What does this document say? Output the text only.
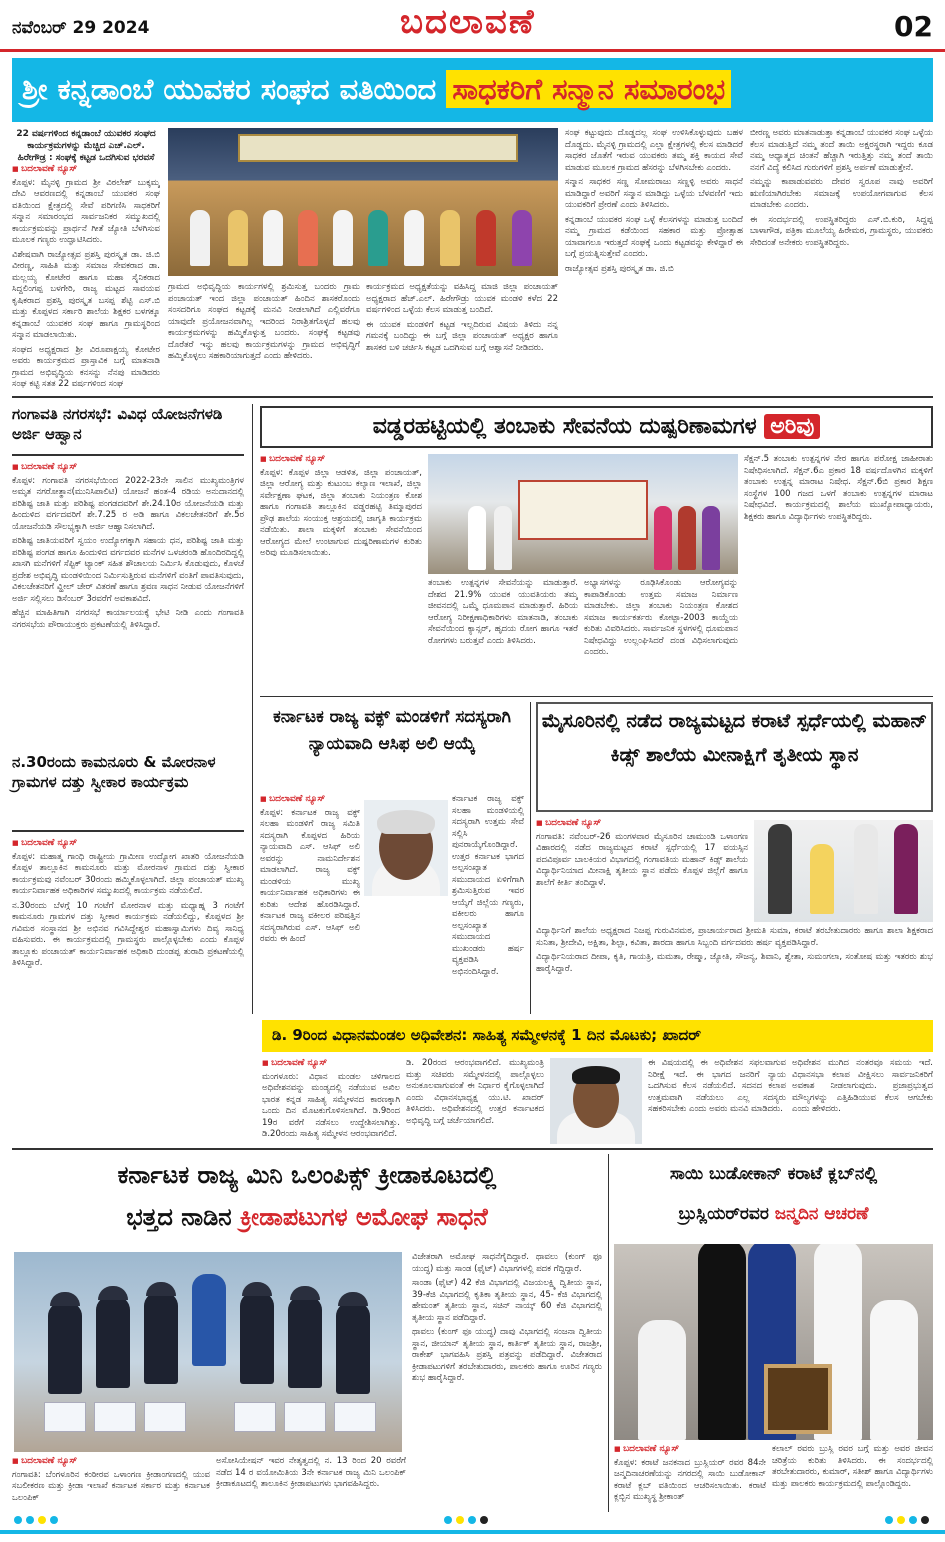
ನವೆಂಬರ್ 29 2024	ಬದಲಾವಣೆ	02
ಶ್ರೀ ಕನ್ನಡಾಂಬೆ ಯುವಕರ ಸಂಘದ ವತಿಯಿಂದ ಸಾಧಕರಿಗೆ ಸನ್ಮಾನ ಸಮಾರಂಭ
22 ವರ್ಷಗಳಿಂದ ಕನ್ನಡಾಂಬೆ ಯುವಕರ ಸಂಘದ ಕಾರ್ಯಕ್ರಮಗಳನ್ನು ಮೆಚ್ಚಿದ ಎಚ್.ಎಲ್. ಹಿರೇಗೌಡ್ರ : ಸಂಘಕ್ಕೆ ಕಟ್ಟಡ ಒದಗಿಸುವ ಭರವಸೆ
■ ಬದಲಾವಣೆ ನ್ಯೂಸ್

ಕೊಪ್ಪಳ: ಮೈನಳ್ಳಿ ಗ್ರಾಮದ ಶ್ರೀ ವಿಠಲೇಶ್ ಬುಕ್ಕಮ್ಮ ದೇವಿ ಆವರಣದಲ್ಲಿ ಕನ್ನಡಾಂಬೆ ಯುವಕರ ಸಂಘ ವತಿಯಿಂದ ಕ್ಷೇತ್ರದಲ್ಲಿ ಸೇವೆ ಪರಿಗಣಿಸಿ ಸಾಧಕರಿಗೆ ಸನ್ಮಾನ ಸಮಾರಂಭದ ಸಾರ್ವಜನಿಕರ ಸಮ್ಮುಖದಲ್ಲಿ ಕಾರ್ಯಕ್ರಮವನ್ನು ಪ್ರಾರ್ಥನೆ ಗೀತೆ ಜ್ಯೋತಿ ಬೆಳಗಿಸುವ ಮೂಲಕ ಗಣ್ಯರು ಉದ್ಘಾಟಿಸಿದರು.

ವಿಶೇಷವಾಗಿ ರಾಜ್ಯೋತ್ಸವ ಪ್ರಶಸ್ತಿ ಪುರಸ್ಕೃತ ಡಾ. ಜಿ.ಬಿ ವೀರಣ್ಣ, ಸಾಹಿತಿ ಮತ್ತು ಸಮಾಜ ಸೇವಕರಾದ ಡಾ. ಮಲ್ಲಯ್ಯ ಕೋಟೇರ ಹಾಗೂ ಮಹಾ ಸೈನಿಕರಾದ ಸಿದ್ದಲಿಂಗಪ್ಪ ಬಳಗೇರಿ, ರಾಜ್ಯ ಮಟ್ಟದ ಸಾವಯವ ಕೃಷಿಕರಾದ ಪ್ರಶಸ್ತಿ ಪುರಸ್ಕೃತ ಬಸಪ್ಪ ಶೆಟ್ಟಿ ಎಸ್.ಬಿ ಮತ್ತು ಕೊಪ್ಪಳದ ಸರ್ಕಾರಿ ಶಾಲೆಯ ಶಿಕ್ಷಕರ ಬಳಗಕ್ಕೂ ಕನ್ನಡಾಂಬೆ ಯುವಕರ ಸಂಘ ಹಾಗೂ ಗ್ರಾಮಸ್ಥರಿಂದ ಸನ್ಮಾನ ಮಾಡಲಾಯಿತು.

ಸಂಘದ ಅಧ್ಯಕ್ಷರಾದ ಶ್ರೀ ವಿರೂಪಾಕ್ಷಯ್ಯ ಕೋಟೇರ ಅವರು ಕಾರ್ಯಕ್ರಮದ ಪ್ರಾಸ್ತಾವಿಕ ಬಗ್ಗೆ ಮಾತನಾಡಿ ಗ್ರಾಮದ ಅಭಿವೃದ್ಧಿಯ ಕನಸನ್ನು ನೆನಪು ಮಾಡಿದರು ಸಂಘ ಕಟ್ಟಿ ಸತತ 22 ವರ್ಷಗಳಿಂದ ಸಂಘ

ಗ್ರಾಮದ ಅಭಿವೃದ್ಧಿಯ ಕಾರ್ಯಗಳಲ್ಲಿ ಶ್ರಮಿಸುತ್ತ ಬಂದರು ಗ್ರಾಮ ಪಂಚಾಯತ್ ಇಂದ ಜಿಲ್ಲಾ ಪಂಚಾಯತ್ ಹಿಂದಿನ ಶಾಸಕರೊಂದು ಸಂಸದರಿಗೂ ಸಂಘದ ಕಟ್ಟಡಕ್ಕೆ ಮನವಿ ನೀಡಲಾಗಿದೆ ಎಲ್ಲಿವರೆಗೂ ಯಾವುದೇ ಪ್ರಯೋಜನವಾಗಿಲ್ಲ ಇದರಿಂದ ನಿರಾಶ್ರಿತಗೊಳ್ಳದೆ ಹಲವು ಕಾರ್ಯಕ್ರಮಗಳನ್ನು ಹಮ್ಮಿಕೊಳ್ಳುತ್ತ ಬಂದರು. ಸಂಘಕ್ಕೆ ಕಟ್ಟಡವು ದೊರೆತರೆ ಇನ್ನು ಹಲವು ಕಾರ್ಯಕ್ರಮಗಳನ್ನು ಗ್ರಾಮದ ಅಭಿವೃದ್ಧಿಗೆ ಹಮ್ಮಿಕೊಳ್ಳಲು ಸಹಕಾರಿಯಾಗುತ್ತದೆ ಎಂದು ಹೇಳಿದರು.

ಕಾರ್ಯಕ್ರಮದ ಅಧ್ಯಕ್ಷತೆಯನ್ನು ವಹಿಸಿದ್ದ ಮಾಜಿ ಜಿಲ್ಲಾ ಪಂಚಾಯತ್ ಅಧ್ಯಕ್ಷರಾದ ಹೆಚ್.ಎಲ್. ಹಿರೇಗೌಡ್ರು ಯುವಕ ಮಂಡಳಿ ಕಳೆದ 22 ವರ್ಷಗಳಿಂದ ಒಳ್ಳೆಯ ಕೆಲಸ ಮಾಡುತ್ತ ಬಂದಿದೆ.

ಈ ಯುವಕ ಮಂಡಳಿಗೆ ಕಟ್ಟಡ ಇಲ್ಲದಿರುವ ವಿಷಯ ತಿಳಿದು ನನ್ನ ಗಮನಕ್ಕೆ ಬಂದಿದ್ದು ಈ ಬಗ್ಗೆ ಜಿಲ್ಲಾ ಪಂಚಾಯತ್ ಅಧ್ಯಕ್ಷರ ಹಾಗೂ ಶಾಸಕರ ಬಳಿ ಚರ್ಚಿಸಿ ಕಟ್ಟಡ ಒದಗಿಸುವ ಬಗ್ಗೆ ಆಶ್ವಾಸನೆ ನೀಡಿದರು.

ಸಂಘ ಕಟ್ಟುವುದು ದೊಡ್ಡದಲ್ಲ ಸಂಘ ಉಳಿಸಿಕೊಳ್ಳುವುದು ಬಹಳ ದೊಡ್ಡದು. ಮೈನಳ್ಳಿ ಗ್ರಾಮದಲ್ಲಿ ಎಲ್ಲಾ ಕ್ಷೇತ್ರಗಳಲ್ಲಿ ಕೆಲಸ ಮಾಡಿದರೆ ಸಾಧಕರ ಜೊತೆಗೆ ಇರುವ ಯುವಕರು ತಮ್ಮ ಶಕ್ತಿ ಕಾಯದ ಸೇವೆ ಮಾಡುವ ಮೂಲಕ ಗ್ರಾಮದ ಹೆಸರನ್ನು ಬೆಳಗಿಸಬೇಕು ಎಂದರು.

ಸನ್ಮಾನ ಸಾಧಕರ ಸಣ್ಣ ಸೋಮರಾಜು ಸಣ್ಣಳ್ಳಿ ಅವರು ಸಾಧನೆ ಮಾಡಿದ್ದಾರೆ ಅವರಿಗೆ ಸನ್ಮಾನ ಮಾಡಿದ್ದು ಒಳ್ಳೆಯ ಬೆಳವಣಿಗೆ ಇದು ಯುವಕರಿಗೆ ಪ್ರೇರಣೆ ಎಂದು ತಿಳಿಸಿದರು.

ಕನ್ನಡಾಂಬೆ ಯುವಕರ ಸಂಘ ಒಳ್ಳೆ ಕೆಲಸಗಳನ್ನು ಮಾಡುತ್ತ ಬಂದಿದೆ ನಮ್ಮ ಗ್ರಾಮದ ಕಡೆಯಿಂದ ಸಹಕಾರ ಮತ್ತು ಪ್ರೋತ್ಸಾಹ ಯಾವಾಗಲೂ ಇರುತ್ತದೆ ಸಂಘಕ್ಕೆ ಒಂದು ಕಟ್ಟಡವನ್ನು ಕೇಳಿದ್ದಾರೆ ಈ ಬಗ್ಗೆ ಪ್ರಯತ್ನಿಸುತ್ತೇವೆ ಎಂದರು.

ರಾಜ್ಯೋತ್ಸವ ಪ್ರಶಸ್ತಿ ಪುರಸ್ಕೃತ ಡಾ. ಜಿ.ಬಿ

ಬೀರಣ್ಣ ಅವರು ಮಾತನಾಡುತ್ತಾ ಕನ್ನಡಾಂಬೆ ಯುವಕರ ಸಂಘ ಒಳ್ಳೆಯ ಕೆಲಸ ಮಾಡುತ್ತಿದೆ ನಮ್ಮ ತಂದೆ ತಾಯಿ ಅಕ್ಷರಸ್ಥರಾಗಿ ಇದ್ದರು ಕೂಡ ನಮ್ಮ ಆಧ್ಯಾತ್ಮದ ಚಿಂತನೆ ಹೆಚ್ಚಾಗಿ ಇರುತ್ತಿತ್ತು ನಮ್ಮ ತಂದೆ ತಾಯಿ ನನಗೆ ವಿದ್ಯೆ ಕಲಿಸಿದ ಗುರುಗಳಿಗೆ ಪ್ರಶಸ್ತಿ ಅರ್ಪಣೆ ಮಾಡುತ್ತೇನೆ.

ನಮ್ಮನ್ನು ಕಾಪಾಡುವವರು ದೇವರ ಸ್ವರೂಪ ನಾವು ಅವರಿಗೆ ಋಣಿಯಾಗಿರಬೇಕು ಸಮಾಜಕ್ಕೆ ಉಪಯೋಗವಾಗುವ ಕೆಲಸ ಮಾಡಬೇಕು ಎಂದರು.

ಈ ಸಂದರ್ಭದಲ್ಲಿ ಉಪಸ್ಥಿತರಿದ್ದರು ಎಸ್.ಬಿ.ಕುರಿ, ಸಿದ್ದಪ್ಪ ಬಾಳಾಗೌಡ, ಪತ್ರಿಕಾ ಮೂಲೆಯ್ಯ ಹಿರೇಮಠ, ಗ್ರಾಮಸ್ಥರು, ಯುವಕರು ಸೇರಿದಂತೆ ಅನೇಕರು ಉಪಸ್ಥಿತರಿದ್ದರು.

ಗಂಗಾವತಿ ನಗರಸಭೆ: ವಿವಿಧ ಯೋಜನೆಗಳಡಿ ಅರ್ಜಿ ಆಹ್ವಾನ
■ ಬದಲಾವಣೆ ನ್ಯೂಸ್

ಕೊಪ್ಪಳ: ಗಂಗಾವತಿ ನಗರಸಭೆಯಿಂದ 2022-23ನೇ ಸಾಲಿನ ಮುಖ್ಯಮಂತ್ರಿಗಳ ಅಮೃತ ನಗರೋತ್ಥಾನ(ಮುನಿಸಿಪಾಲಿಟಿ) ಯೋಜನೆ ಹಂತ-4 ರಡಿಯ ಅನುದಾನದಲ್ಲಿ ಪರಿಶಿಷ್ಟ ಜಾತಿ ಮತ್ತು ಪರಿಶಿಷ್ಟ ಪಂಗಡದವರಿಗೆ ಶೇ.24.10ರ ಯೋಜನೆಯಡಿ ಮತ್ತು ಹಿಂದುಳಿದ ವರ್ಗದವರಿಗೆ ಶೇ.7.25 ರ ಅಡಿ ಹಾಗೂ ವಿಕಲಚೇತನರಿಗೆ ಶೇ.5ರ ಯೋಜನೆಯಡಿ ಸೌಲಭ್ಯಕ್ಕಾಗಿ ಅರ್ಜಿ ಆಹ್ವಾನಿಸಲಾಗಿದೆ.

ಪರಿಶಿಷ್ಟ ಜಾತಿಯವರಿಗೆ ಸ್ವಯಂ ಉದ್ಯೋಗಕ್ಕಾಗಿ ಸಹಾಯ ಧನ, ಪರಿಶಿಷ್ಟ ಜಾತಿ ಮತ್ತು ಪರಿಶಿಷ್ಟ ಪಂಗಡ ಹಾಗೂ ಹಿಂದುಳಿದ ವರ್ಗದವರ ಮನೆಗಳ ಒಳಚರಂಡಿ ಹೊಂದಿರದಿದ್ದಲ್ಲಿ ಖಾಸಗಿ ಮನೆಗಳಿಗೆ ಸೆಪ್ಟಿಕ್ ಟ್ಯಾಂಕ್ ಸಹಿತ ಶೌಚಾಲಯ ನಿರ್ಮಿಸಿ ಕೊಡುವುದು, ಕೊಳಚೆ ಪ್ರದೇಶ ಅಭಿವೃದ್ಧಿ ಮಂಡಳಿಯಿಂದ ನಿರ್ಮಿಸುತ್ತಿರುವ ಮನೆಗಳಿಗೆ ವಂತಿಗೆ ಪಾವತಿಸುವುದು, ವಿಕಲಚೇತನರಿಗೆ ವ್ಹೀಲ್ ಚೇರ್ ವಿತರಣೆ ಹಾಗೂ ಶ್ರವಣ ಸಾಧನ ನೀಡುವ ಯೋಜನೆಗಳಿಗೆ ಅರ್ಜಿ ಸಲ್ಲಿಸಲು ಡಿಸೆಂಬರ್ 3ರವರೆಗೆ ಅವಕಾಶವಿದೆ.

ಹೆಚ್ಚಿನ ಮಾಹಿತಿಗಾಗಿ ನಗರಸಭೆ ಕಾರ್ಯಾಲಯಕ್ಕೆ ಭೇಟಿ ನೀಡಿ ಎಂದು ಗಂಗಾವತಿ ನಗರಸಭೆಯ ಪೌರಾಯುಕ್ತರು ಪ್ರಕಟಣೆಯಲ್ಲಿ ತಿಳಿಸಿದ್ದಾರೆ.

ವಡ್ಡರಹಟ್ಟಿಯಲ್ಲಿ ತಂಬಾಕು ಸೇವನೆಯ ದುಷ್ಪರಿಣಾಮಗಳ ಅರಿವು
■ ಬದಲಾವಣೆ ನ್ಯೂಸ್

ಕೊಪ್ಪಳ: ಕೊಪ್ಪಳ ಜಿಲ್ಲಾ ಆಡಳಿತ, ಜಿಲ್ಲಾ ಪಂಚಾಯತ್, ಜಿಲ್ಲಾ ಆರೋಗ್ಯ ಮತ್ತು ಕುಟುಂಬ ಕಲ್ಯಾಣ ಇಲಾಖೆ, ಜಿಲ್ಲಾ ಸರ್ವೇಕ್ಷಣಾ ಘಟಕ, ಜಿಲ್ಲಾ ತಂಬಾಕು ನಿಯಂತ್ರಣ ಕೋಶ ಹಾಗೂ ಗಂಗಾವತಿ ತಾಲ್ಲೂಕಿನ ವಡ್ಡರಹಟ್ಟಿ ತಿಮ್ಮಾಪುರದ ಪ್ರೌಢ ಶಾಲೆಯ ಸಂಯುಕ್ತ ಆಶ್ರಯದಲ್ಲಿ ಜಾಗೃತಿ ಕಾರ್ಯಕ್ರಮ ನಡೆಯಿತು. ಶಾಲಾ ಮಕ್ಕಳಿಗೆ ತಂಬಾಕು ಸೇವನೆಯಿಂದ ಆರೋಗ್ಯದ ಮೇಲೆ ಉಂಟಾಗುವ ದುಷ್ಪರಿಣಾಮಗಳ ಕುರಿತು ಅರಿವು ಮೂಡಿಸಲಾಯಿತು.

ತಂಬಾಕು ಉತ್ಪನ್ನಗಳ ಸೇವನೆಯನ್ನು ಮಾಡುತ್ತಾರೆ. ದೇಶದ 21.9% ಯುವಕ ಯುವತಿಯರು ತಮ್ಮ ಜೀವನದಲ್ಲಿ ಒಮ್ಮೆ ಧೂಮಪಾನ ಮಾಡುತ್ತಾರೆ. ಹಿರಿಯ ಆರೋಗ್ಯ ನಿರೀಕ್ಷಣಾಧಿಕಾರಿಗಳು ಮಾತನಾಡಿ, ತಂಬಾಕು ಸೇವನೆಯಿಂದ ಕ್ಯಾನ್ಸರ್, ಹೃದಯ ರೋಗ ಹಾಗೂ ಇತರೆ ರೋಗಗಳು ಬರುತ್ತವೆ ಎಂದು ತಿಳಿಸಿದರು.

ಅಭ್ಯಾಸಗಳನ್ನು ರೂಢಿಸಿಕೊಂಡು ಆರೋಗ್ಯವನ್ನು ಕಾಪಾಡಿಕೊಂಡು ಉತ್ತಮ ಸಮಾಜ ನಿರ್ಮಾಣ ಮಾಡಬೇಕು. ಜಿಲ್ಲಾ ತಂಬಾಕು ನಿಯಂತ್ರಣ ಕೋಶದ ಸಮಾಜ ಕಾರ್ಯಕರ್ತರು ಕೋಟ್ಪಾ-2003 ಕಾಯ್ದೆಯ ಕುರಿತು ವಿವರಿಸಿದರು. ಸಾರ್ವಜನಿಕ ಸ್ಥಳಗಳಲ್ಲಿ ಧೂಮಪಾನ ನಿಷೇಧವಿದ್ದು ಉಲ್ಲಂಘಿಸಿದರೆ ದಂಡ ವಿಧಿಸಲಾಗುವುದು ಎಂದರು.

ಸೆಕ್ಷನ್.5 ತಂಬಾಕು ಉತ್ಪನ್ನಗಳ ನೇರ ಹಾಗೂ ಪರೋಕ್ಷ ಜಾಹೀರಾತು ನಿಷೇಧಿಸಲಾಗಿದೆ. ಸೆಕ್ಷನ್.6ಎ ಪ್ರಕಾರ 18 ವರ್ಷದೊಳಗಿನ ಮಕ್ಕಳಿಗೆ ತಂಬಾಕು ಉತ್ಪನ್ನ ಮಾರಾಟ ನಿಷೇಧ. ಸೆಕ್ಷನ್.6ಬಿ ಪ್ರಕಾರ ಶಿಕ್ಷಣ ಸಂಸ್ಥೆಗಳ 100 ಗಜದ ಒಳಗೆ ತಂಬಾಕು ಉತ್ಪನ್ನಗಳ ಮಾರಾಟ ನಿಷೇಧವಿದೆ. ಕಾರ್ಯಕ್ರಮದಲ್ಲಿ ಶಾಲೆಯ ಮುಖ್ಯೋಪಾಧ್ಯಾಯರು, ಶಿಕ್ಷಕರು ಹಾಗೂ ವಿದ್ಯಾರ್ಥಿಗಳು ಉಪಸ್ಥಿತರಿದ್ದರು.

ಕರ್ನಾಟಕ ರಾಜ್ಯ ವಕ್ಫ್ ಮಂಡಳಿಗೆ ಸದಸ್ಯರಾಗಿ ನ್ಯಾಯವಾದಿ ಆಸಿಫ ಅಲಿ ಆಯ್ಕೆ
■ ಬದಲಾವಣೆ ನ್ಯೂಸ್

ಕೊಪ್ಪಳ: ಕರ್ನಾಟಕ ರಾಜ್ಯ ವಕ್ಫ್ ಸಲಹಾ ಮಂಡಳಿಗೆ ರಾಜ್ಯ ಸಮಿತಿ ಸದಸ್ಯರಾಗಿ ಕೊಪ್ಪಳದ ಹಿರಿಯ ನ್ಯಾಯವಾದಿ ಎಸ್. ಆಸಿಫ್ ಅಲಿ ಅವರನ್ನು ನಾಮನಿರ್ದೇಶನ ಮಾಡಲಾಗಿದೆ. ರಾಜ್ಯ ವಕ್ಫ್ ಮಂಡಳಿಯ ಮುಖ್ಯ ಕಾರ್ಯನಿರ್ವಾಹಕ ಅಧಿಕಾರಿಗಳು ಈ ಕುರಿತು ಆದೇಶ ಹೊರಡಿಸಿದ್ದಾರೆ. ಕರ್ನಾಟಕ ರಾಜ್ಯ ವಕೀಲರ ಪರಿಷತ್ತಿನ ಸದಸ್ಯರಾಗಿರುವ ಎಸ್. ಆಸಿಫ್ ಅಲಿ ರವರು ಈ ಹಿಂದೆ

ಕರ್ನಾಟಕ ರಾಜ್ಯ ವಕ್ಫ್ ಸಲಹಾ ಮಂಡಳಿಯಲ್ಲಿ ಸದಸ್ಯರಾಗಿ ಉತ್ತಮ ಸೇವೆ ಸಲ್ಲಿಸಿ ಪುನರಾಯ್ಕೆಗೊಂಡಿದ್ದಾರೆ. ಉತ್ತರ ಕರ್ನಾಟಕ ಭಾಗದ ಅಲ್ಪಸಂಖ್ಯಾತ ಸಮುದಾಯದ ಏಳಿಗೆಗಾಗಿ ಶ್ರಮಿಸುತ್ತಿರುವ ಇವರ ಆಯ್ಕೆಗೆ ಜಿಲ್ಲೆಯ ಗಣ್ಯರು, ವಕೀಲರು ಹಾಗೂ ಅಲ್ಪಸಂಖ್ಯಾತ ಸಮುದಾಯದ ಮುಖಂಡರು ಹರ್ಷ ವ್ಯಕ್ತಪಡಿಸಿ ಅಭಿನಂದಿಸಿದ್ದಾರೆ.

ಮೈಸೂರಿನಲ್ಲಿ ನಡೆದ ರಾಜ್ಯಮಟ್ಟದ ಕರಾಟೆ ಸ್ಪರ್ಧೆಯಲ್ಲಿ ಮಹಾನ್ ಕಿಡ್ಸ್ ಶಾಲೆಯ ಮೀನಾಕ್ಷಿಗೆ ತೃತೀಯ ಸ್ಥಾನ
■ ಬದಲಾವಣೆ ನ್ಯೂಸ್

ಗಂಗಾವತಿ: ನವೆಂಬರ್-26 ಮಂಗಳವಾರ ಮೈಸೂರಿನ ಚಾಮುಂಡಿ ಒಳಾಂಗಣ ವಿಹಾರದಲ್ಲಿ ನಡೆದ ರಾಜ್ಯಮಟ್ಟದ ಕರಾಟೆ ಸ್ಪರ್ಧೆಯಲ್ಲಿ 17 ವಯಸ್ಸಿನ ಪದವಿಪೂರ್ವ ಬಾಲಕಿಯರ ವಿಭಾಗದಲ್ಲಿ ಗಂಗಾವತಿಯ ಮಹಾನ್ ಕಿಡ್ಸ್ ಶಾಲೆಯ ವಿದ್ಯಾರ್ಥಿನಿಯಾದ ಮೀನಾಕ್ಷಿ ತೃತೀಯ ಸ್ಥಾನ ಪಡೆದು ಕೊಪ್ಪಳ ಜಿಲ್ಲೆಗೆ ಹಾಗೂ ಶಾಲೆಗೆ ಕೀರ್ತಿ ತಂದಿದ್ದಾಳೆ.

ವಿದ್ಯಾರ್ಥಿನಿಗೆ ಶಾಲೆಯ ಅಧ್ಯಕ್ಷರಾದ ನಿಜಪ್ಪ ಗುರುವಿನಮಠ, ಪ್ರಾಚಾರ್ಯರಾದ ಶ್ರೀಮತಿ ಸುಮಾ, ಕರಾಟೆ ತರಬೇತುದಾರರು ಹಾಗೂ ಶಾಲಾ ಶಿಕ್ಷಕರಾದ ಸುನಿತಾ, ಶ್ರೀದೇವಿ, ಅಕ್ಷಿತಾ, ಶಿಲ್ಪಾ, ಕವಿತಾ, ಶಾರದಾ ಹಾಗೂ ಸಿಬ್ಬಂದಿ ವರ್ಗದವರು ಹರ್ಷ ವ್ಯಕ್ತಪಡಿಸಿದ್ದಾರೆ.

ವಿದ್ಯಾರ್ಥಿನಿಯರಾದ ದೀಪಾ, ಕೃತಿ, ಗಾಯತ್ರಿ, ಮಮತಾ, ರೇಷ್ಮಾ, ಜ್ಯೋತಿ, ಸೌಜನ್ಯ, ಶಿವಾನಿ, ಶ್ವೇತಾ, ಸುಮಂಗಲಾ, ಸಂತೋಷ ಮತ್ತು ಇತರರು ಶುಭ ಹಾರೈಸಿದ್ದಾರೆ.

ನ.30ರಂದು ಕಾಮನೂರು & ಮೋರನಾಳ ಗ್ರಾಮಗಳ ದತ್ತು ಸ್ವೀಕಾರ ಕಾರ್ಯಕ್ರಮ
■ ಬದಲಾವಣೆ ನ್ಯೂಸ್

ಕೊಪ್ಪಳ: ಮಹಾತ್ಮ ಗಾಂಧಿ ರಾಷ್ಟ್ರೀಯ ಗ್ರಾಮೀಣ ಉದ್ಯೋಗ ಖಾತರಿ ಯೋಜನೆಯಡಿ ಕೊಪ್ಪಳ ತಾಲ್ಲೂಕಿನ ಕಾಮನೂರು ಮತ್ತು ಮೋರನಾಳ ಗ್ರಾಮದ ದತ್ತು ಸ್ವೀಕಾರ ಕಾರ್ಯಕ್ರಮವು ನವೆಂಬರ್ 30ರಂದು ಹಮ್ಮಿಕೊಳ್ಳಲಾಗಿದೆ. ಜಿಲ್ಲಾ ಪಂಚಾಯತ್ ಮುಖ್ಯ ಕಾರ್ಯನಿರ್ವಾಹಕ ಅಧಿಕಾರಿಗಳ ಸಮ್ಮುಖದಲ್ಲಿ ಕಾರ್ಯಕ್ರಮ ನಡೆಯಲಿದೆ.

ನ.30ರಂದು ಬೆಳಗ್ಗೆ 10 ಗಂಟೆಗೆ ಮೋರನಾಳ ಮತ್ತು ಮಧ್ಯಾಹ್ನ 3 ಗಂಟೆಗೆ ಕಾಮನೂರು ಗ್ರಾಮಗಳ ದತ್ತು ಸ್ವೀಕಾರ ಕಾರ್ಯಕ್ರಮ ನಡೆಯಲಿದ್ದು, ಕೊಪ್ಪಳದ ಶ್ರೀ ಗವಿಮಠ ಸಂಸ್ಥಾನದ ಶ್ರೀ ಅಭಿನವ ಗವಿಸಿದ್ದೇಶ್ವರ ಮಹಾಸ್ವಾಮಿಗಳು ದಿವ್ಯ ಸಾನಿಧ್ಯ ವಹಿಸುವರು. ಈ ಕಾರ್ಯಕ್ರಮದಲ್ಲಿ ಗ್ರಾಮಸ್ಥರು ಪಾಲ್ಗೊಳ್ಳಬೇಕು ಎಂದು ಕೊಪ್ಪಳ ತಾಲ್ಲೂಕು ಪಂಚಾಯತ್ ಕಾರ್ಯನಿರ್ವಾಹಕ ಅಧಿಕಾರಿ ದುಂಡಪ್ಪ ತುರಾದಿ ಪ್ರಕಟಣೆಯಲ್ಲಿ ತಿಳಿಸಿದ್ದಾರೆ.

ಡಿ. 9ರಿಂದ ವಿಧಾನಮಂಡಲ ಅಧಿವೇಶನ: ಸಾಹಿತ್ಯ ಸಮ್ಮೇಳನಕ್ಕೆ 1 ದಿನ ಮೊಟಕು; ಖಾದರ್
■ ಬದಲಾವಣೆ ನ್ಯೂಸ್

ಮಂಗಳೂರು: ವಿಧಾನ ಮಂಡಲ ಚಳಿಗಾಲದ ಅಧಿವೇಶನವನ್ನು ಮಂಡ್ಯದಲ್ಲಿ ನಡೆಯುವ ಅಖಿಲ ಭಾರತ ಕನ್ನಡ ಸಾಹಿತ್ಯ ಸಮ್ಮೇಳನದ ಕಾರಣಕ್ಕಾಗಿ ಒಂದು ದಿನ ಮೊಟಕುಗೊಳಿಸಲಾಗಿದೆ. ಡಿ.9ರಿಂದ 19ರ ವರೆಗೆ ನಡೆಸಲು ಉದ್ದೇಶಿಸಲಾಗಿತ್ತು. ಡಿ.20ರಂದು ಸಾಹಿತ್ಯ ಸಮ್ಮೇಳನ ಆರಂಭವಾಗಲಿದೆ.

ಡಿ. 20ರಂದ ಆರಂಭವಾಗಲಿದೆ. ಮುಖ್ಯಮಂತ್ರಿ ಮತ್ತು ಸಚಿವರು ಸಮ್ಮೇಳನದಲ್ಲಿ ಪಾಲ್ಗೊಳ್ಳಲು ಅನುಕೂಲವಾಗುವಂತೆ ಈ ನಿರ್ಧಾರ ಕೈಗೊಳ್ಳಲಾಗಿದೆ ಎಂದು ವಿಧಾನಸಭಾಧ್ಯಕ್ಷ ಯು.ಟಿ. ಖಾದರ್ ತಿಳಿಸಿದರು. ಅಧಿವೇಶನದಲ್ಲಿ ಉತ್ತರ ಕರ್ನಾಟಕದ ಅಭಿವೃದ್ಧಿ ಬಗ್ಗೆ ಚರ್ಚೆಯಾಗಲಿದೆ.

ಈ ವಿಷಯದಲ್ಲಿ ಈ ಅಧಿವೇಶನ ಸಫಲವಾಗುವ ನಿರೀಕ್ಷೆ ಇದೆ. ಈ ಭಾಗದ ಜನರಿಗೆ ನ್ಯಾಯ ಒದಗಿಸುವ ಕೆಲಸ ನಡೆಯಲಿದೆ. ಸದನದ ಕಲಾಪ ಉತ್ತಮವಾಗಿ ನಡೆಯಲು ಎಲ್ಲ ಸದಸ್ಯರು ಸಹಕರಿಸಬೇಕು ಎಂದು ಅವರು ಮನವಿ ಮಾಡಿದರು.

ಅಧಿವೇಶನ ಮುಗಿದ ನಂತರವೂ ಸಮಯ ಇದೆ. ವಿಧಾನಸಭಾ ಕಲಾಪ ವೀಕ್ಷಿಸಲು ಸಾರ್ವಜನಿಕರಿಗೆ ಅವಕಾಶ ನೀಡಲಾಗುವುದು. ಪ್ರಜಾಪ್ರಭುತ್ವದ ಮೌಲ್ಯಗಳನ್ನು ಎತ್ತಿಹಿಡಿಯುವ ಕೆಲಸ ಆಗಬೇಕು ಎಂದು ಹೇಳಿದರು.

ಕರ್ನಾಟಕ ರಾಜ್ಯ ಮಿನಿ ಒಲಂಪಿಕ್ಸ್ ಕ್ರೀಡಾಕೂಟದಲ್ಲಿ
ಭತ್ತದ ನಾಡಿನ ಕ್ರೀಡಾಪಟುಗಳ ಅಮೋಘ ಸಾಧನೆ
■ ಬದಲಾವಣೆ ನ್ಯೂಸ್

ಗಂಗಾವತಿ: ಬೆಂಗಳೂರಿನ ಕಂಠೀರವ ಒಳಾಂಗಣ ಕ್ರೀಡಾಂಗಣದಲ್ಲಿ ಯುವ ಸಬಲೀಕರಣ ಮತ್ತು ಕ್ರೀಡಾ ಇಲಾಖೆ ಕರ್ನಾಟಕ ಸರ್ಕಾರ ಮತ್ತು ಕರ್ನಾಟಕ ಒಲಂಪಿಕ್

ಅಸೋಸಿಯೇಷನ್ ಇವರ ನೇತೃತ್ವದಲ್ಲಿ ನ. 13 ರಿಂದ 20 ರವರೆಗೆ ನಡೆದ 14 ರ ವಯೋಮಿತಿಯ 3ನೇ ಕರ್ನಾಟಕ ರಾಜ್ಯ ಮಿನಿ ಒಲಂಪಿಕ್ ಕ್ರೀಡಾಕೂಟದಲ್ಲಿ ತಾಲೂಕಿನ ಕ್ರೀಡಾಪಟುಗಳು ಭಾಗವಹಿಸಿದ್ದರು.

ವಿಜೇತರಾಗಿ ಅಮೋಘ ಸಾಧನೆಗೈದಿದ್ದಾರೆ. ಥಾವಲು (ಕುಂಗ್ ಫೂ ಯುದ್ಧ) ಮತ್ತು ಸಾಂಡ (ಫೈಟ್) ವಿಭಾಗಗಳಲ್ಲಿ ಪದಕ ಗೆದ್ದಿದ್ದಾರೆ.

ಸಾಂಡಾ (ಫೈಟ್) 42 ಕೆಜಿ ವಿಭಾಗದಲ್ಲಿ ವಿಜಯಲಕ್ಷ್ಮಿ ದ್ವಿತೀಯ ಸ್ಥಾನ, 39-ಕೆಜಿ ವಿಭಾಗದಲ್ಲಿ ಕೃತಿಕಾ ತೃತೀಯ ಸ್ಥಾನ, 45- ಕೆಜಿ ವಿಭಾಗದಲ್ಲಿ ಹೇಮಂತ್ ತೃತೀಯ ಸ್ಥಾನ, ಸಚಿನ್ ನಾಯ್ಕ್ 60 ಕೆಜಿ ವಿಭಾಗದಲ್ಲಿ ತೃತೀಯ ಸ್ಥಾನ ಪಡೆದಿದ್ದಾರೆ.

ಥಾವಲು (ಕುಂಗ್ ಫೂ ಯುದ್ಧ) ದಾವು ವಿಭಾಗದಲ್ಲಿ ಸಂಜನಾ ದ್ವಿತೀಯ ಸ್ಥಾನ, ಜೀಯಾನ್ ತೃತೀಯ ಸ್ಥಾನ, ಕಾರ್ತಿಕ್ ತೃತೀಯ ಸ್ಥಾನ, ರಾಜಶ್ರೀ, ರಾಕೇಶ್ ಭಾಗವಹಿಸಿ ಪ್ರಶಸ್ತಿ ಪತ್ರವನ್ನು ಪಡೆದಿದ್ದಾರೆ. ವಿಜೇತರಾದ ಕ್ರೀಡಾಪಟುಗಳಿಗೆ ತರಬೇತುದಾರರು, ಪಾಲಕರು ಹಾಗೂ ಊರಿನ ಗಣ್ಯರು ಶುಭ ಹಾರೈಸಿದ್ದಾರೆ.

ಸಾಯಿ ಬುಡೋಕಾನ್ ಕರಾಟೆ ಕ್ಲಬ್‌ನಲ್ಲಿ
ಬ್ರುಸ್ಲಿಯರ್‌ರವರ ಜನ್ಮದಿನ ಆಚರಣೆ
■ ಬದಲಾವಣೆ ನ್ಯೂಸ್

ಕೊಪ್ಪಳ: ಕರಾಟೆ ಜನಕನಾದ ಬ್ರುಸ್ಲಿಯರ್ ರವರ 84ನೇ ಜನ್ಮದಿನಾಚರಣೆಯನ್ನು ನಗರದಲ್ಲಿ ಸಾಯಿ ಬುಡೋಕಾನ್ ಕರಾಟೆ ಕ್ಲಬ್ ವತಿಯಿಂದ ಆಚರಿಸಲಾಯಿತು. ಕರಾಟೆ ಕ್ಲಬ್ಬಿನ ಮುಖ್ಯಸ್ಥ ಶ್ರೀಕಾಂತ್

ಕಲಾಲ್ ರವರು ಬ್ರುಸ್ಲಿ ರವರ ಬಗ್ಗೆ ಮತ್ತು ಅವರ ಜೀವನ ಚರಿತ್ರೆಯ ಕುರಿತು ತಿಳಿಸಿದರು. ಈ ಸಂದರ್ಭದಲ್ಲಿ ತರಬೇತುದಾರರು, ಕುಮಾರ್, ಸತೀಶ್ ಹಾಗೂ ವಿದ್ಯಾರ್ಥಿಗಳು ಮತ್ತು ಪಾಲಕರು ಕಾರ್ಯಕ್ರಮದಲ್ಲಿ ಪಾಲ್ಗೊಂಡಿದ್ದರು.
